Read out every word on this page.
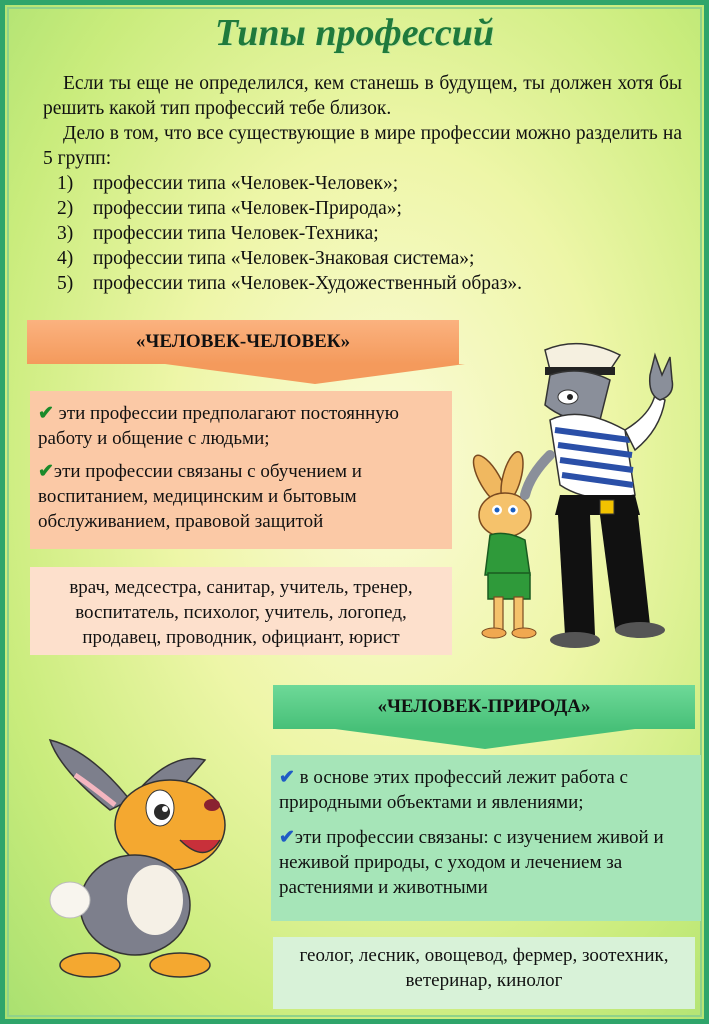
Типы профессий

Если ты еще не определился, кем станешь в будущем, ты должен хотя бы решить какой тип профессий тебе близок.

Дело в том, что все существующие в мире профессии можно разделить на 5 групп:

1) профессии типа «Человек-Человек»;
2) профессии типа «Человек-Природа»;
3) профессии типа Человек-Техника;
4) профессии типа «Человек-Знаковая система»;
5) профессии типа «Человек-Художественный образ».
«ЧЕЛОВЕК-ЧЕЛОВЕК»
✔ эти профессии предполагают постоянную работу и общение с людьми;
✔эти профессии связаны с обучением и воспитанием, медицинским и бытовым обслуживанием, правовой защитой
врач, медсестра, санитар, учитель, тренер, воспитатель, психолог, учитель, логопед, продавец, проводник, официант, юрист
«ЧЕЛОВЕК-ПРИРОДА»
✔ в основе этих профессий лежит работа с природными объектами и явлениями;
✔эти профессии связаны: с изучением живой и неживой природы, с уходом и лечением за растениями и животными
геолог, лесник, овощевод, фермер, зоотехник, ветеринар, кинолог
